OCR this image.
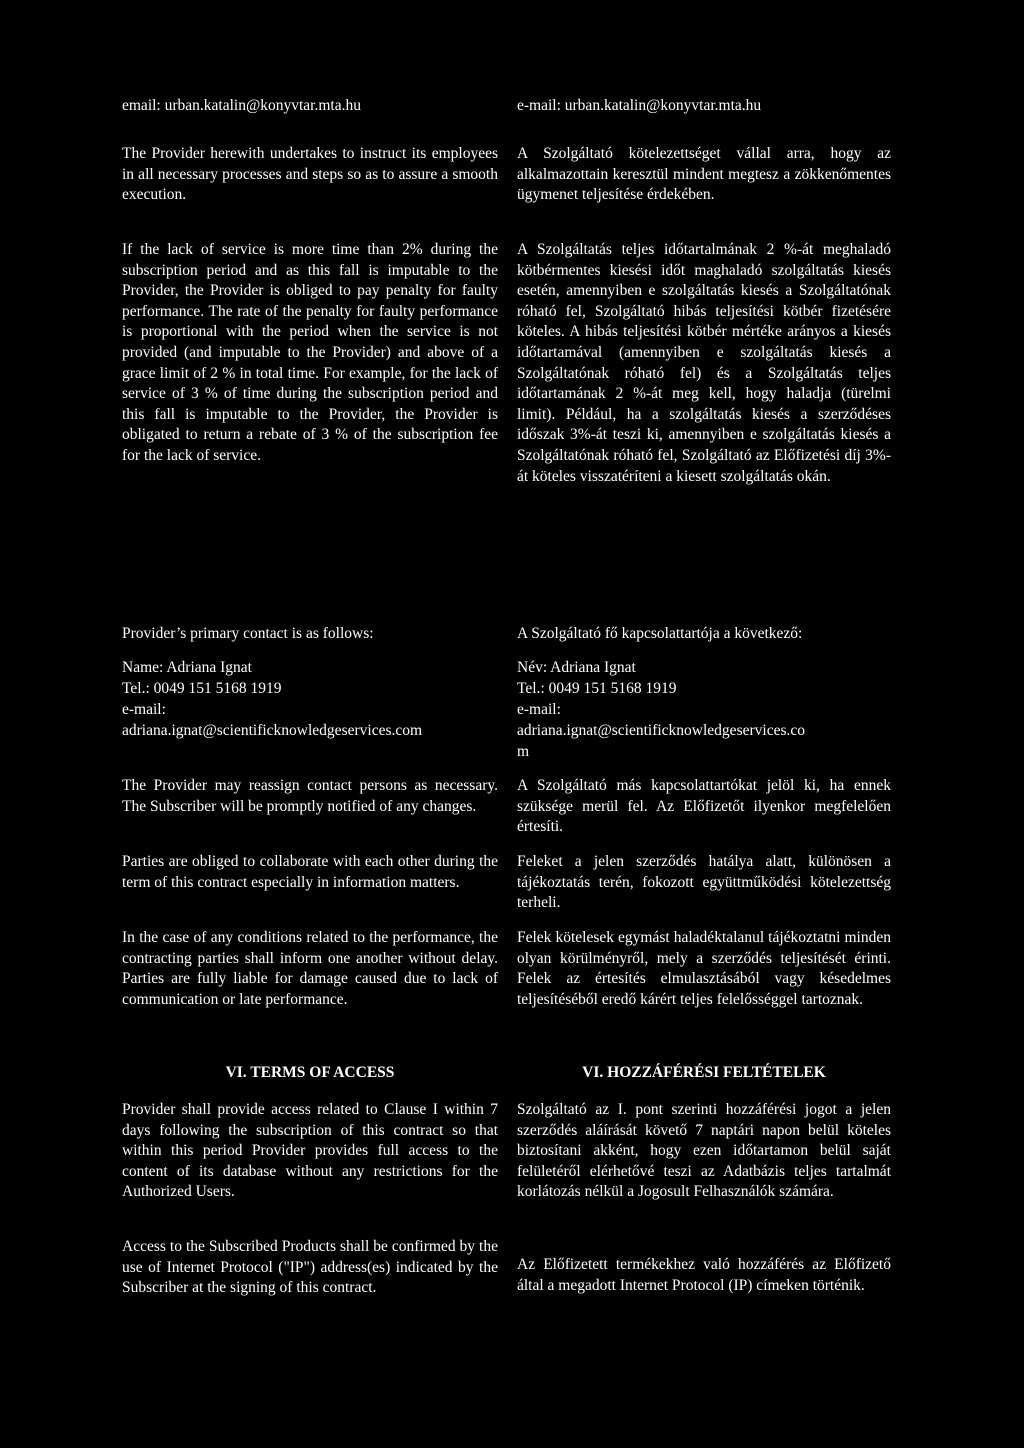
email: urban.katalin@konyvtar.mta.hu

The Provider herewith undertakes to instruct its employees in all necessary processes and steps so as to assure a smooth execution.

If the lack of service is more time than 2% during the subscription period and as this fall is imputable to the Provider, the Provider is obliged to pay penalty for faulty performance. The rate of the penalty for faulty performance is proportional with the period when the service is not provided (and imputable to the Provider) and above of a grace limit of 2 % in total time. For example, for the lack of service of 3 % of time during the subscription period and this fall is imputable to the Provider, the Provider is obligated to return a rebate of 3 % of the subscription fee for the lack of service.

Provider’s primary contact is as follows:

Name: Adriana Ignat

Tel.: 0049 151 5168 1919

e-mail:

adriana.ignat@scientificknowledgeservices.com

The Provider may reassign contact persons as necessary. The Subscriber will be promptly notified of any changes.

Parties are obliged to collaborate with each other during the term of this contract especially in information matters.

In the case of any conditions related to the performance, the contracting parties shall inform one another without delay. Parties are fully liable for damage caused due to lack of communication or late performance.

VI. TERMS OF ACCESS

Provider shall provide access related to Clause I within 7 days following the subscription of this contract so that within this period Provider provides full access to the content of its database without any restrictions for the Authorized Users.

Access to the Subscribed Products shall be confirmed by the use of Internet Protocol ("IP") address(es) indicated by the Subscriber at the signing of this contract.

e-mail: urban.katalin@konyvtar.mta.hu

A Szolgáltató kötelezettséget vállal arra, hogy az alkalmazottain keresztül mindent megtesz a zökkenőmentes ügymenet teljesítése érdekében.

A Szolgáltatás teljes időtartalmának 2 %-át meghaladó kötbérmentes kiesési időt maghaladó szolgáltatás kiesés esetén, amennyiben e szolgáltatás kiesés a Szolgáltatónak róható fel, Szolgáltató hibás teljesítési kötbér fizetésére köteles. A hibás teljesítési kötbér mértéke arányos a kiesés időtartamával (amennyiben e szolgáltatás kiesés a Szolgáltatónak róható fel) és a Szolgáltatás teljes időtartamának 2 %-át meg kell, hogy haladja (türelmi limit). Például, ha a szolgáltatás kiesés a szerződéses időszak 3%-át teszi ki, amennyiben e szolgáltatás kiesés a Szolgáltatónak róható fel, Szolgáltató az Előfizetési díj 3%-át köteles visszatéríteni a kiesett szolgáltatás okán.

A Szolgáltató fő kapcsolattartója a következő:

Név: Adriana Ignat

Tel.: 0049 151 5168 1919

e-mail:

adriana.ignat@scientificknowledgeservices.co

m

A Szolgáltató más kapcsolattartókat jelöl ki, ha ennek szüksége merül fel. Az Előfizetőt ilyenkor megfelelően értesíti.

Feleket a jelen szerződés hatálya alatt, különösen a tájékoztatás terén, fokozott együttműködési kötelezettség terheli.

Felek kötelesek egymást haladéktalanul tájékoztatni minden olyan körülményről, mely a szerződés teljesítését érinti. Felek az értesítés elmulasztásából vagy késedelmes teljesítéséből eredő kárért teljes felelősséggel tartoznak.

VI. HOZZÁFÉRÉSI FELTÉTELEK

Szolgáltató az I. pont szerinti hozzáférési jogot a jelen szerződés aláírását követő 7 naptári napon belül köteles biztosítani akként, hogy ezen időtartamon belül saját felületéről elérhetővé teszi az Adatbázis teljes tartalmát korlátozás nélkül a Jogosult Felhasználók számára.

Az Előfizetett termékekhez való hozzáférés az Előfizető által a megadott Internet Protocol (IP) címeken történik.
